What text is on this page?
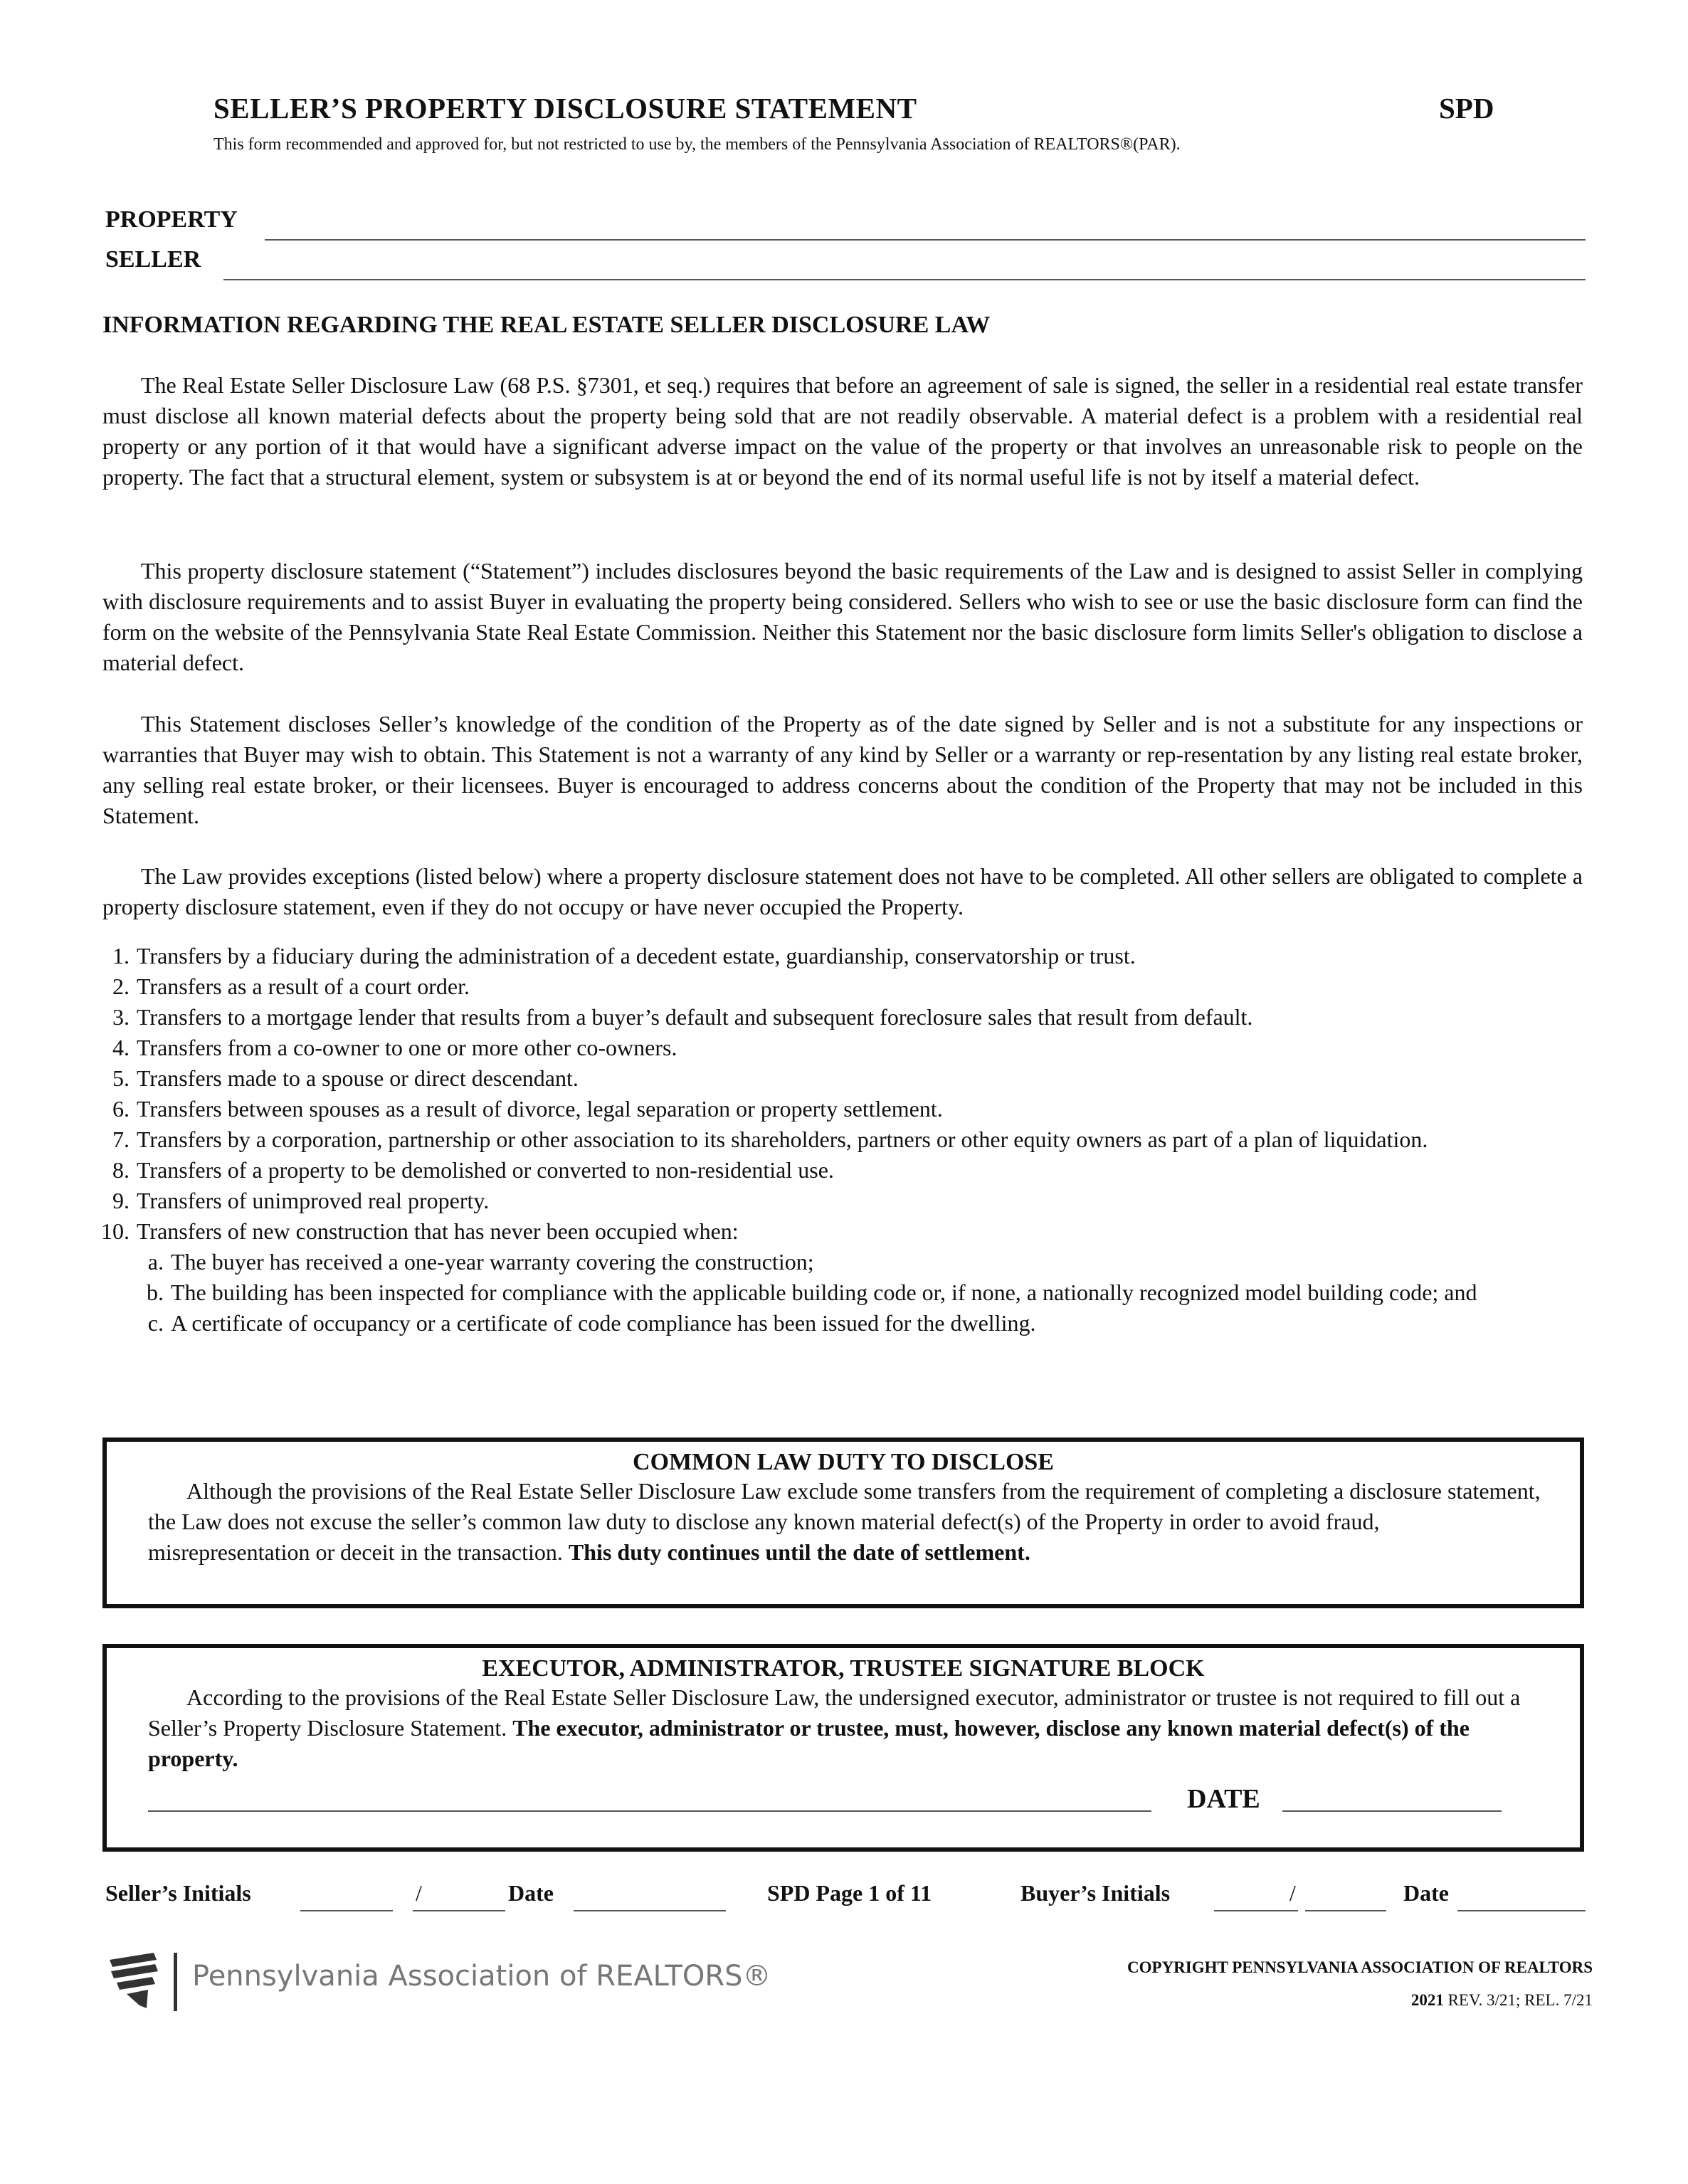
SELLER’S PROPERTY DISCLOSURE STATEMENT	SPD
This form recommended and approved for, but not restricted to use by, the members of the Pennsylvania Association of REALTORS®(PAR).
PROPERTY
SELLER
INFORMATION REGARDING THE REAL ESTATE SELLER DISCLOSURE LAW
The Real Estate Seller Disclosure Law (68 P.S. §7301, et seq.) requires that before an agreement of sale is signed, the seller in a residential real estate transfer must disclose all known material defects about the property being sold that are not readily observable. A material defect is a problem with a residential real property or any portion of it that would have a significant adverse impact on the value of the property or that involves an unreasonable risk to people on the property. The fact that a structural element, system or subsystem is at or beyond the end of its normal useful life is not by itself a material defect.
This property disclosure statement (“Statement”) includes disclosures beyond the basic requirements of the Law and is designed to assist Seller in complying with disclosure requirements and to assist Buyer in evaluating the property being considered. Sellers who wish to see or use the basic disclosure form can find the form on the website of the Pennsylvania State Real Estate Commission. Neither this Statement nor the basic disclosure form limits Seller's obligation to disclose a material defect.
This Statement discloses Seller’s knowledge of the condition of the Property as of the date signed by Seller and is not a substitute for any inspections or warranties that Buyer may wish to obtain. This Statement is not a warranty of any kind by Seller or a warranty or rep-resentation by any listing real estate broker, any selling real estate broker, or their licensees. Buyer is encouraged to address concerns about the condition of the Property that may not be included in this Statement.
The Law provides exceptions (listed below) where a property disclosure statement does not have to be completed. All other sellers are obligated to complete a property disclosure statement, even if they do not occupy or have never occupied the Property.
1. Transfers by a fiduciary during the administration of a decedent estate, guardianship, conservatorship or trust.
2. Transfers as a result of a court order.
3. Transfers to a mortgage lender that results from a buyer’s default and subsequent foreclosure sales that result from default.
4. Transfers from a co-owner to one or more other co-owners.
5. Transfers made to a spouse or direct descendant.
6. Transfers between spouses as a result of divorce, legal separation or property settlement.
7. Transfers by a corporation, partnership or other association to its shareholders, partners or other equity owners as part of a plan of liquidation.
8. Transfers of a property to be demolished or converted to non-residential use.
9. Transfers of unimproved real property.
10. Transfers of new construction that has never been occupied when:
a. The buyer has received a one-year warranty covering the construction;
b. The building has been inspected for compliance with the applicable building code or, if none, a nationally recognized model building code; and
c. A certificate of occupancy or a certificate of code compliance has been issued for the dwelling.
COMMON LAW DUTY TO DISCLOSE
Although the provisions of the Real Estate Seller Disclosure Law exclude some transfers from the requirement of completing a disclosure statement, the Law does not excuse the seller’s common law duty to disclose any known material defect(s) of the Property in order to avoid fraud, misrepresentation or deceit in the transaction. This duty continues until the date of settlement.
EXECUTOR, ADMINISTRATOR, TRUSTEE SIGNATURE BLOCK
According to the provisions of the Real Estate Seller Disclosure Law, the undersigned executor, administrator or trustee is not required to fill out a Seller’s Property Disclosure Statement. The executor, administrator or trustee, must, however, disclose any known material defect(s) of the property.
DATE
Seller’s Initials	/	Date	SPD Page 1 of 11	Buyer’s Initials	/	Date
Pennsylvania Association of REALTORS®	COPYRIGHT PENNSYLVANIA ASSOCIATION OF REALTORS
2021 REV. 3/21; REL. 7/21
